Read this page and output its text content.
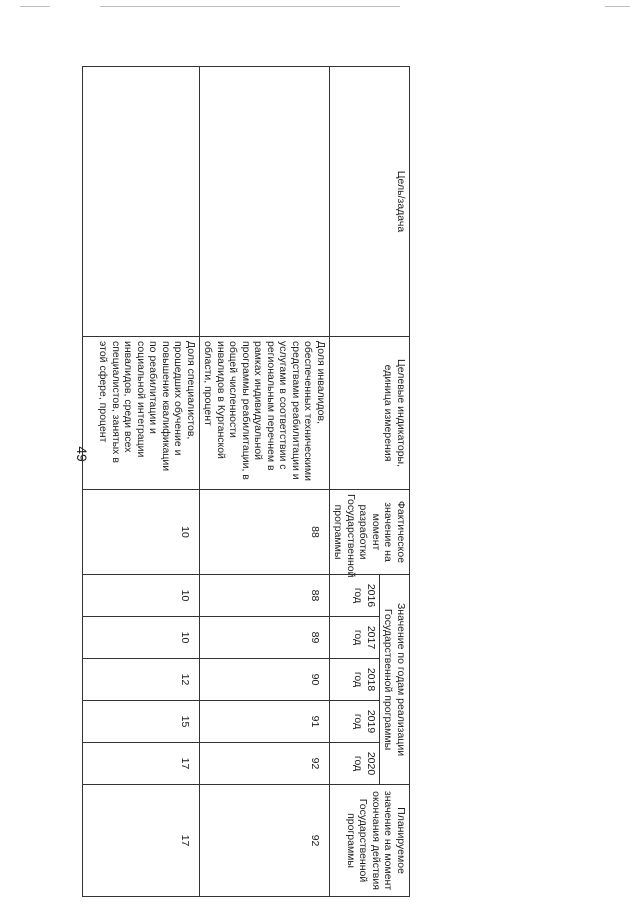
49
Цель/задача	Целевые индикаторы, единица измерения	Фактическое значение на момент разработки Государственной программы	Значение по годам реализации Государственной программы					Планируемое значение на момент окончания действия Государственной программы
			2016 год	2017 год	2018 год	2019 год	2020 год	
	Доля инвалидов, обеспеченных техническими средствами реабилитации и услугами в соответствии с региональным перечнем в рамках индивидуальной программы реабилитации, в общей численности инвалидов в Курганской области, процент	88	88	89	90	91	92	92
	Доля специалистов, прошедших обучение и повышение квалификации по реабилитации и социальной интеграции инвалидов, среди всех специалистов, занятых в этой сфере, процент	10	10	10	12	15	17	17
